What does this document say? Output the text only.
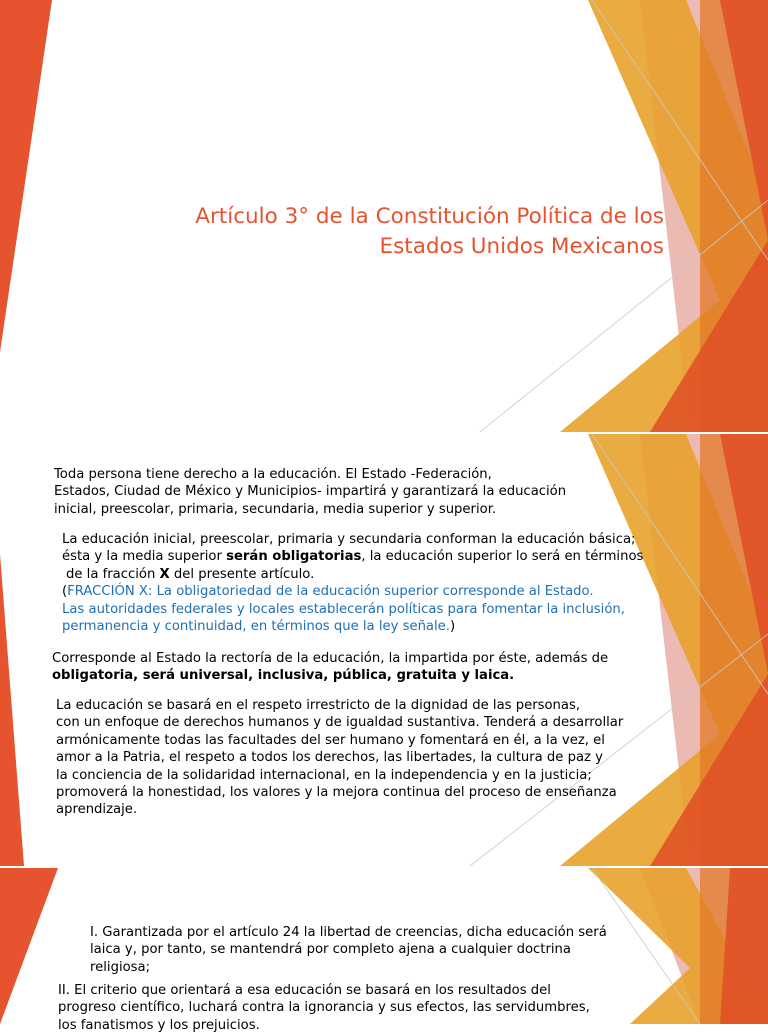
Artículo 3° de la Constitución Política de los
Estados Unidos Mexicanos
Toda persona tiene derecho a la educación. El Estado -Federación,
Estados, Ciudad de México y Municipios- impartirá y garantizará la educación
inicial, preescolar, primaria, secundaria, media superior y superior.
La educación inicial, preescolar, primaria y secundaria conforman la educación básica;
ésta y la media superior serán obligatorias, la educación superior lo será en términos
de la fracción X del presente artículo.
(FRACCIÓN X: La obligatoriedad de la educación superior corresponde al Estado.
Las autoridades federales y locales establecerán políticas para fomentar la inclusión,
permanencia y continuidad, en términos que la ley señale.)
Corresponde al Estado la rectoría de la educación, la impartida por éste, además de
obligatoria, será universal, inclusiva, pública, gratuita y laica.
La educación se basará en el respeto irrestricto de la dignidad de las personas,
con un enfoque de derechos humanos y de igualdad sustantiva. Tenderá a desarrollar
armónicamente todas las facultades del ser humano y fomentará en él, a la vez, el
amor a la Patria, el respeto a todos los derechos, las libertades, la cultura de paz y
la conciencia de la solidaridad internacional, en la independencia y en la justicia;
promoverá la honestidad, los valores y la mejora continua del proceso de enseñanza
aprendizaje.
I. Garantizada por el artículo 24 la libertad de creencias, dicha educación será
laica y, por tanto, se mantendrá por completo ajena a cualquier doctrina
religiosa;
II. El criterio que orientará a esa educación se basará en los resultados del
progreso científico, luchará contra la ignorancia y sus efectos, las servidumbres,
los fanatismos y los prejuicios.
